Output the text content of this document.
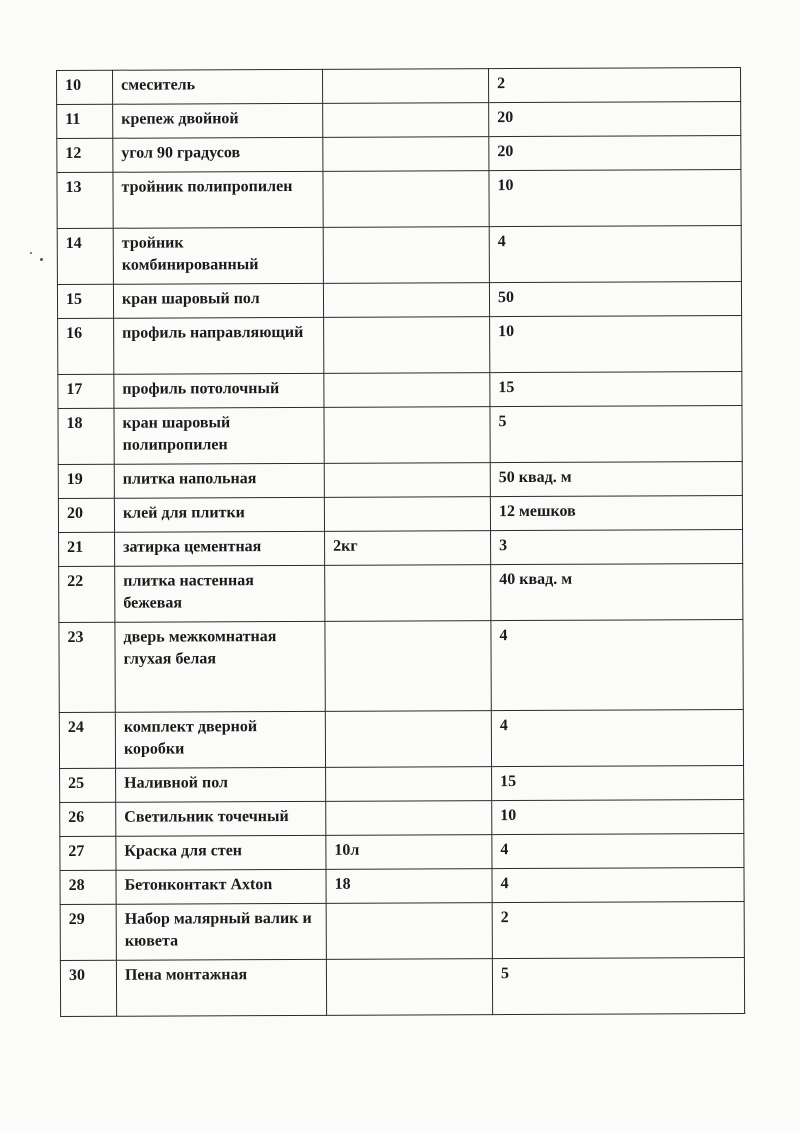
10	смеситель		2
11	крепеж двойной		20
12	угол 90 градусов		20
13	тройник полипропилен		10
14	тройник комбинированный		4
15	кран шаровый пол		50
16	профиль направляющий		10
17	профиль потолочный		15
18	кран шаровый полипропилен		5
19	плитка напольная		50 квад. м
20	клей для плитки		12 мешков
21	затирка цементная	2кг	3
22	плитка настенная бежевая		40 квад. м
23	дверь межкомнатная глухая белая		4
24	комплект дверной коробки		4
25	Наливной пол		15
26	Светильник точечный		10
27	Краска для стен	10л	4
28	Бетонконтакт Axton	18	4
29	Набор малярный валик и кювета		2
30	Пена монтажная		5
